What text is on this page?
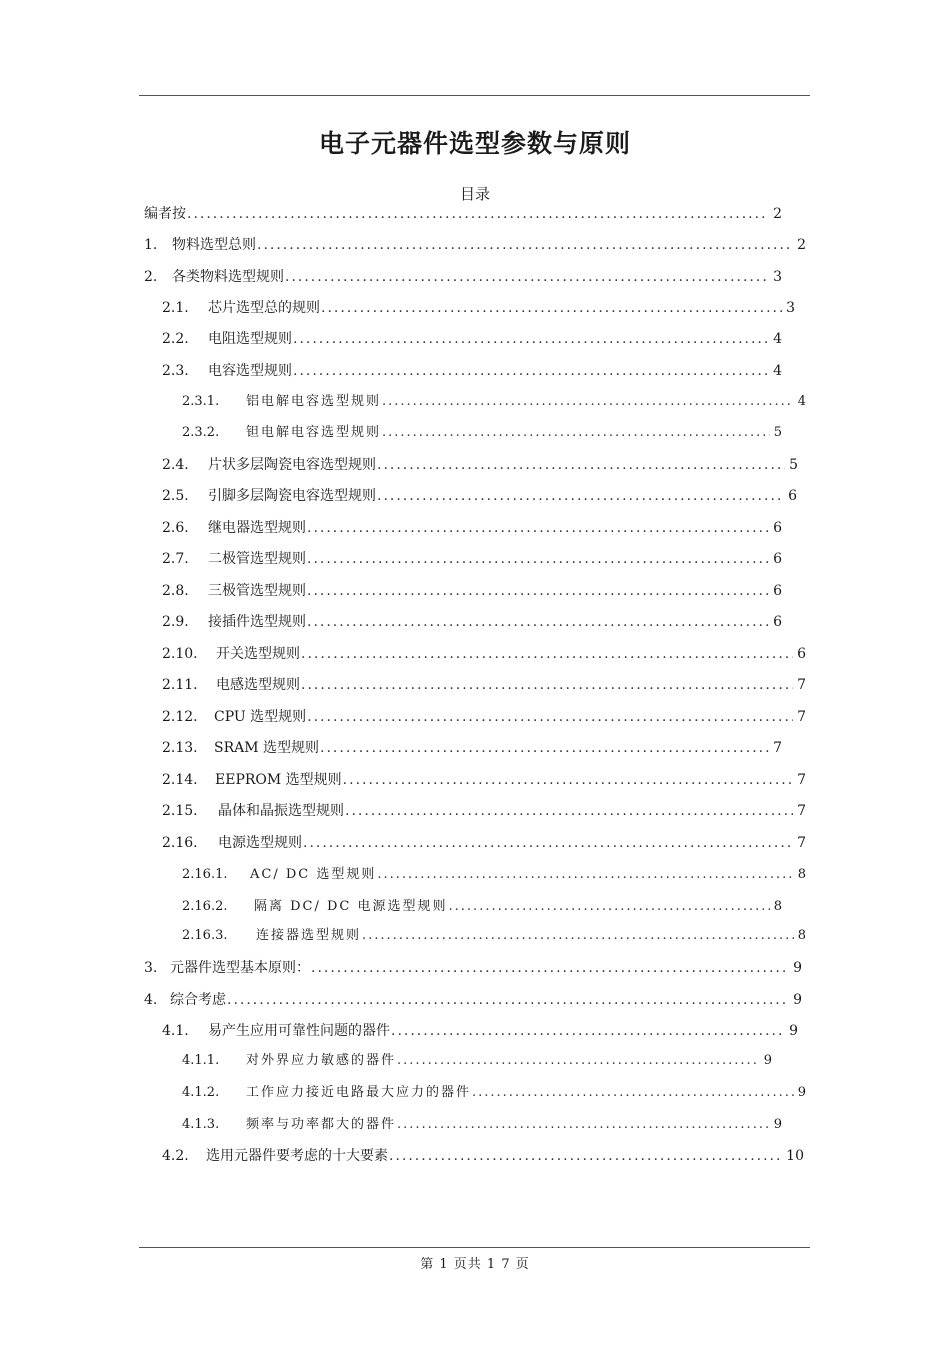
电子元器件选型参数与原则
目录
编者按 .....	2
1.	物料选型总则 .....	2
2.	各类物料选型规则 .....	3
2.1.	芯片选型总的规则 .....	3
2.2.	电阻选型规则 .....	4
2.3.	电容选型规则 .....	4
2.3.1.	铝电解电容选型规则 .....	4
2.3.2.	钽电解电容选型规则 .....	5
2.4.	片状多层陶瓷电容选型规则 .....	5
2.5.	引脚多层陶瓷电容选型规则 .....	6
2.6.	继电器选型规则 .....	6
2.7.	二极管选型规则 .....	6
2.8.	三极管选型规则 .....	6
2.9.	接插件选型规则 .....	6
2.10.	开关选型规则 .....	6
2.11.	电感选型规则 .....	7
2.12.	CPU 选型规则 .....	7
2.13.	SRAM 选型规则 .....	7
2.14.	EEPROM 选型规则 .....	7
2.15.	晶体和晶振选型规则 .....	7
2.16.	电源选型规则 .....	7
2.16.1.	AC/ DC 选型规则 .....	8
2.16.2.	隔离 DC/ DC 电源选型规则 .....	8
2.16.3.	连接器选型规则 .....	8
3. 元器件选型基本原则： .....	9
4. 综合考虑 .....	9
4.1.	易产生应用可靠性问题的器件 .....	9
4.1.1.	对外界应力敏感的器件 .....	9
4.1.2.	工作应力接近电路最大应力的器件 .....	9
4.1.3.	频率与功率都大的器件 .....	9
4.2.	选用元器件要考虑的十大要素 .....	10
第 1 页共 1 7 页
